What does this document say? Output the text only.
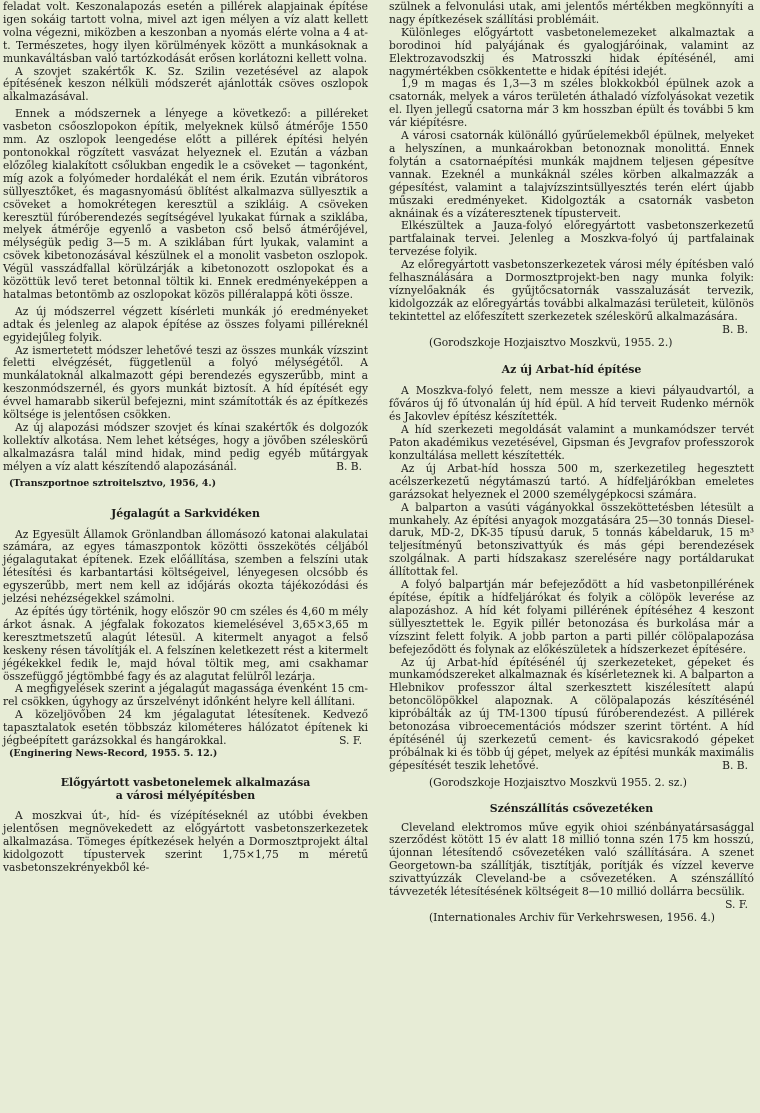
feladat volt. Keszonalapozás esetén a pillérek alapjainak építése igen sokáig tartott volna, mivel azt igen mélyen a víz alatt kellett volna végezni, miközben a keszonban a nyomás elérte volna a 4 at-t. Természetes, hogy ilyen körülmények között a munkásoknak a munkaváltásban való tartózkodását erősen korlátozni kellett volna.

A szovjet szakértők K. Sz. Szilin vezetésével az alapok építésének keszon nélküli módszerét ajánlották csöves oszlopok alkalmazásával.

Ennek a módszernek a lényege a következő: a pilléreket vasbeton csőoszlopokon építik, melyeknek külső átmérője 1550 mm. Az oszlopok leengedése előtt a pillérek építési helyén pontonokkal rögzített vasvázat helyeznek el. Ezután a vázban előzőleg kialakított csőlukban engedik le a csöveket — tagonként, míg azok a folyómeder hordalékát el nem érik. Ezután vibrátoros süllyesztőket, és magasnyomású öblítést alkalmazva süllyesztik a csöveket a homokrétegen keresztül a szikláig. A csöveken keresztül fúróberendezés segítségével lyukakat fúrnak a sziklába, melyek átmérője egyenlő a vasbeton cső belső átmérőjével, mélységük pedig 3—5 m. A sziklában fúrt lyukak, valamint a csövek kibetonozásával készülnek el a monolit vasbeton oszlopok. Végül vasszádfallal körülzárják a kibetonozott oszlopokat és a közöttük levő teret betonnal töltik ki. Ennek eredményeképpen a hatalmas betontömb az oszlopokat közös pilléralappá köti össze.

Az új módszerrel végzett kísérleti munkák jó eredményeket adtak és jelenleg az alapok építése az összes folyami pilléreknél egyidejűleg folyik.

Az ismertetett módszer lehetővé teszi az összes munkák vízszint feletti elvégzését, függetlenül a folyó mélységétől. A munkálatoknál alkalmazott gépi berendezés egyszerűbb, mint a keszonmódszernél, és gyors munkát biztosít. A híd építését egy évvel hamarabb sikerül befejezni, mint számították és az építkezés költsége is jelentősen csökken.

Az új alapozási módszer szovjet és kínai szakértők és dolgozók kollektív alkotása. Nem lehet kétséges, hogy a jövőben széleskörű alkalmazásra talál mind hidak, mind pedig egyéb műtárgyak mélyen a víz alatt készítendő alapozásánál.	B. B.

(Transzportnoe sztroitelsztvo, 1956, 4.)

Jégalagút a Sarkvidéken

Az Egyesült Államok Grönlandban állomásozó katonai alakulatai számára, az egyes támaszpontok közötti összekötés céljából jégalagutakat építenek. Ezek előállítása, szemben a felszíni utak létesítési és karbantartási költségeivel, lényegesen olcsóbb és egyszerűbb, mert nem kell az időjárás okozta tájékozódási és jelzési nehézségekkel számolni.

Az építés úgy történik, hogy először 90 cm széles és 4,60 m mély árkot ásnak. A jégfalak fokozatos kiemelésével 3,65×3,65 m keresztmetszetű alagút létesül. A kitermelt anyagot a felső keskeny résen távolítják el. A felszínen keletkezett rést a kitermelt jégékekkel fedik le, majd hóval töltik meg, ami csakhamar összefüggő jégtömbbé fagy és az alagutat felülről lezárja.

A megfigyelések szerint a jégalagút magassága évenként 15 cm-rel csökken, úgyhogy az űrszelvényt időnként helyre kell állítani.

A közeljövőben 24 km jégalagutat létesítenek. Kedvező tapasztalatok esetén többszáz kilométeres hálózatot építenek ki jégbeépített garázsokkal és hangárokkal.	S. F.

(Enginering News-Record, 1955. 5. 12.)

Előgyártott vasbetonelemek alkalmazása
a városi mélyépítésben

A moszkvai út-, híd- és vízépítéseknél az utóbbi években jelentősen megnövekedett az előgyártott vasbetonszerkezetek alkalmazása. Tömeges építkezések helyén a Dormosztprojekt által kidolgozott típustervek szerint 1,75×1,75 m méretű vasbetonszekrényekből ké-

szülnek a felvonulási utak, ami jelentős mértékben megkönnyíti a nagy építkezések szállítási problémáit.

Különleges előgyártott vasbetonelemezeket alkalmaztak a borodinoi híd palyájának és gyalogjáróinak, valamint az Elektrozavodszkij és Matrosszki hidak építésénél, ami nagymértékben csökkentette e hidak építési idejét.

1,9 m magas és 1,3—3 m széles blokkokból épülnek azok a csatornák, melyek a város területén áthaladó vízfolyásokat vezetik el. Ilyen jellegű csatorna már 3 km hosszban épült és további 5 km vár kiépítésre.

A városi csatornák különálló gyűrűelemekből épülnek, melyeket a helyszínen, a munkaárokban betonoznak monolittá. Ennek folytán a csatornaépítési munkák majdnem teljesen gépesítve vannak. Ezeknél a munkáknál széles körben alkalmazzák a gépesítést, valamint a talajvízszintsüllyesztés terén elért újabb műszaki eredményeket. Kidolgozták a csatornák vasbeton aknáinak és a vízáteresztenek típusterveit.

Elkészültek a Jauza-folyó előregyártott vasbetonszerkezetű partfalainak tervei. Jelenleg a Moszkva-folyó új partfalainak tervezése folyik.

Az előregyártott vasbetonszerkezetek városi mély építésben való felhasználására a Dormosztprojekt-ben nagy munka folyik: víznyelőaknák és gyűjtőcsatornák vasszaluzását tervezik, kidolgozzák az előregyártás további alkalmazási területeit, különös tekintettel az előfeszített szerkezetek széleskörű alkalmazására.

B. B.

(Gorodszkoje Hozjaisztvo Moszkvü, 1955. 2.)

Az új Arbat-híd építése

A Moszkva-folyó felett, nem messze a kievi pályaudvartól, a főváros új fő útvonalán új híd épül. A híd terveit Rudenko mérnök és Jakovlev építész készítették.

A híd szerkezeti megoldását valamint a munkamódszer tervét Paton akadémikus vezetésével, Gipsman és Jevgrafov professzorok konzultálása mellett készítették.

Az új Arbat-híd hossza 500 m, szerkezetileg hegesztett acélszerkezetű négytámaszú tartó. A hídfeljárókban emeletes garázsokat helyeznek el 2000 személygépkocsi számára.

A balparton a vasúti vágányokkal összeköttetésben létesült a munkahely. Az építési anyagok mozgatására 25—30 tonnás Diesel-daruk, MD-2, DK-35 típusú daruk, 5 tonnás kábeldaruk, 15 m³ teljesítményű betonszivattyúk és más gépi berendezések szolgálnak. A parti hídszakasz szerelésére nagy portáldarukat állítottak fel.

A folyó balpartján már befejeződött a híd vasbetonpillérének építése, építik a hídfeljárókat és folyik a cölöpök leverése az alapozáshoz. A híd két folyami pillérének építéséhez 4 keszont süllyesztettek le. Egyik pillér betonozása és burkolása már a vízszint felett folyik. A jobb parton a parti pillér cölöpalapozása befejeződött és folynak az előkészületek a hídszerkezet építésére.

Az új Arbat-híd építésénél új szerkezeteket, gépeket és munkamódszereket alkalmaznak és kísérleteznek ki. A balparton a Hlebnikov professzor által szerkesztett kiszélesített alapú betoncölöpökkel alapoznak. A cölöpalapozás készítésénél kipróbálták az új TM-1300 típusú fúróberendezést. A pillérek betonozása vibroecementációs módszer szerint történt. A híd építésénél új szerkezetű cement- és kavicsrakodó gépeket próbálnak ki és több új gépet, melyek az építési munkák maximális gépesítését teszik lehetővé.	B. B.

(Gorodszkoje Hozjaisztvo Moszkvü 1955. 2. sz.)

Szénszállítás csővezetéken

Cleveland elektromos műve egyik ohioi szénbányatársasággal szerződést kötött 15 év alatt 18 millió tonna szén 175 km hosszú, újonnan létesítendő csővezetéken való szállítására. A szenet Georgetown-ba szállítják, tisztítják, porítják és vízzel keverve szivattyúzzák Cleveland-be a csővezetéken. A szénszállító távvezeték létesítésének költségeit 8—10 millió dollárra becsülik.

S. F.

(Internationales Archiv für Verkehrswesen, 1956. 4.)
